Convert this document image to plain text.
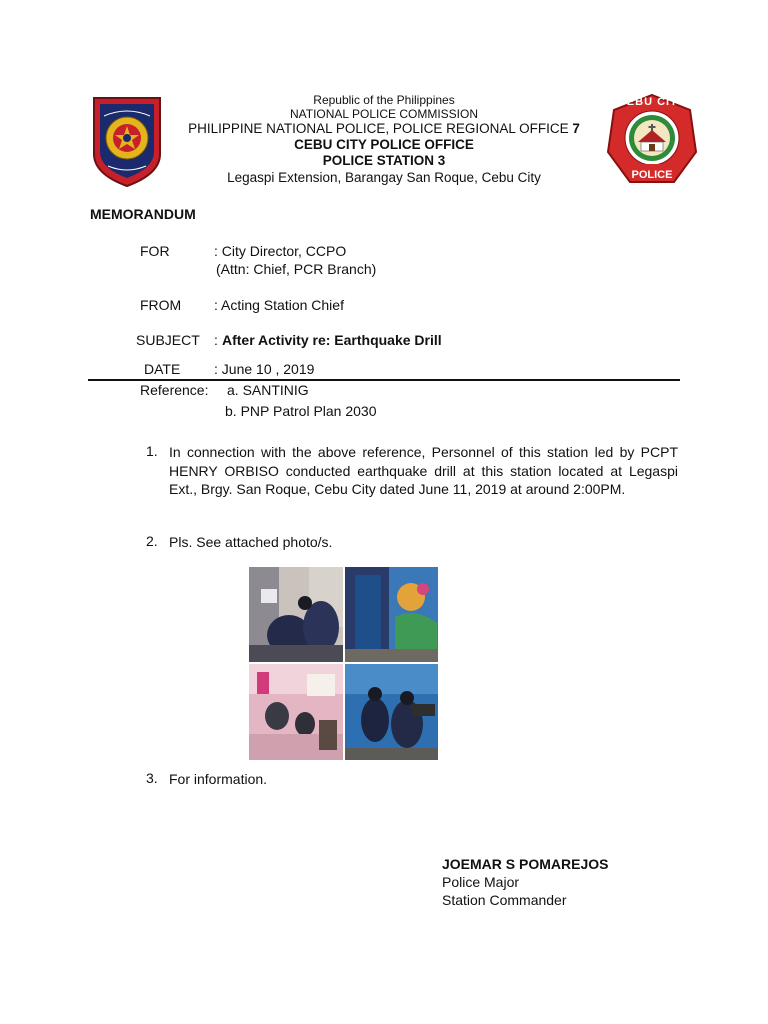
CEBU CITY
POLICE
Republic of the Philippines
NATIONAL POLICE COMMISSION
PHILIPPINE NATIONAL POLICE, POLICE REGIONAL OFFICE 7
CEBU CITY POLICE OFFICE
POLICE STATION 3
Legaspi Extension, Barangay San Roque, Cebu City
MEMORANDUM
FOR	: City Director, CCPO
(Attn: Chief, PCR Branch)
FROM : Acting Station Chief
SUBJECT : After Activity re: Earthquake Drill
DATE : June 10 , 2019
Reference: a. SANTINIG
b. PNP Patrol Plan 2030
1. In connection with the above reference, Personnel of this station led by PCPT HENRY ORBISO conducted earthquake drill at this station located at Legaspi Ext., Brgy. San Roque, Cebu City dated June 11, 2019 at around 2:00PM.
2. Pls. See attached photo/s.
3. For information.
JOEMAR S POMAREJOS
Police Major
Station Commander
